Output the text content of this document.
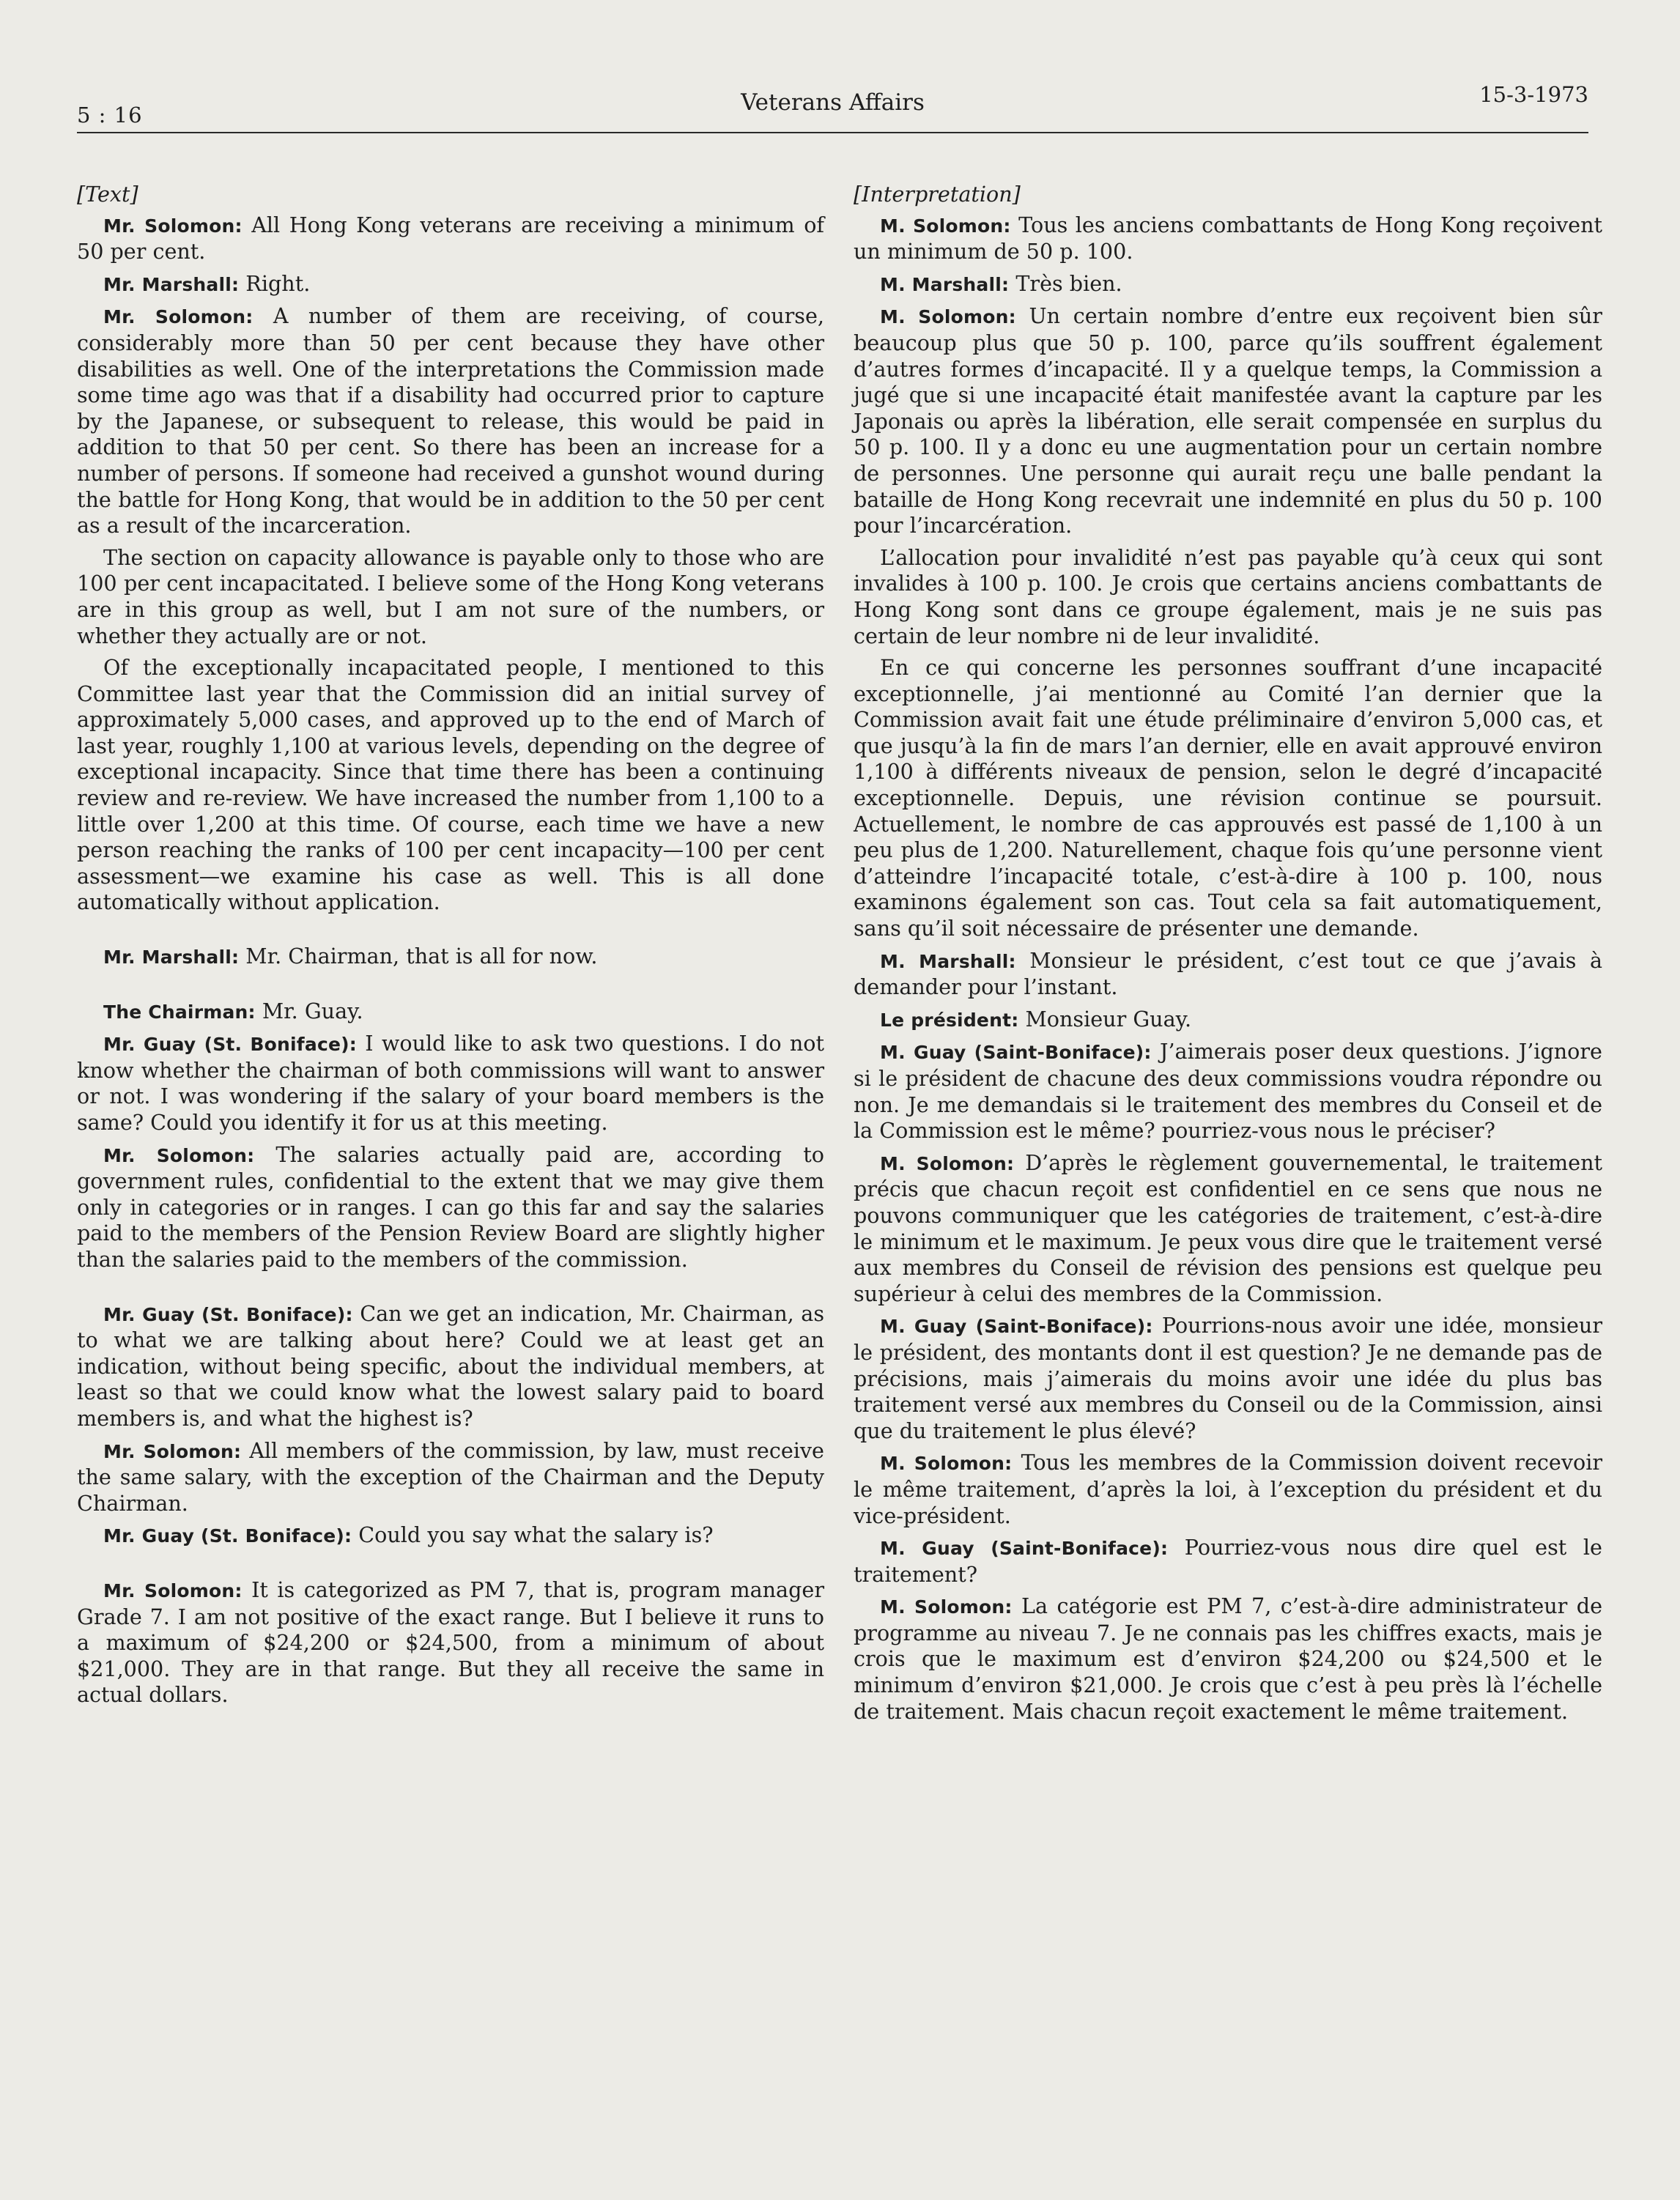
5 : 16	Veterans Affairs	15-3-1973

[Text]

Mr. Solomon: All Hong Kong veterans are receiving a minimum of 50 per cent.

Mr. Marshall: Right.

Mr. Solomon: A number of them are receiving, of course, considerably more than 50 per cent because they have other disabilities as well. One of the interpretations the Commission made some time ago was that if a disability had occurred prior to capture by the Japanese, or subsequent to release, this would be paid in addition to that 50 per cent. So there has been an increase for a number of persons. If someone had received a gunshot wound during the battle for Hong Kong, that would be in addition to the 50 per cent as a result of the incarceration.

The section on capacity allowance is payable only to those who are 100 per cent incapacitated. I believe some of the Hong Kong veterans are in this group as well, but I am not sure of the numbers, or whether they actually are or not.

Of the exceptionally incapacitated people, I mentioned to this Committee last year that the Commission did an initial survey of approximately 5,000 cases, and approved up to the end of March of last year, roughly 1,100 at various levels, depending on the degree of exceptional incapacity. Since that time there has been a continuing review and re-review. We have increased the number from 1,100 to a little over 1,200 at this time. Of course, each time we have a new person reaching the ranks of 100 per cent incapacity—100 per cent assessment—we examine his case as well. This is all done automatically without application.

Mr. Marshall: Mr. Chairman, that is all for now.

The Chairman: Mr. Guay.

Mr. Guay (St. Boniface): I would like to ask two questions. I do not know whether the chairman of both commissions will want to answer or not. I was wondering if the salary of your board members is the same? Could you identify it for us at this meeting.

Mr. Solomon: The salaries actually paid are, according to government rules, confidential to the extent that we may give them only in categories or in ranges. I can go this far and say the salaries paid to the members of the Pension Review Board are slightly higher than the salaries paid to the members of the commission.

Mr. Guay (St. Boniface): Can we get an indication, Mr. Chairman, as to what we are talking about here? Could we at least get an indication, without being specific, about the individual members, at least so that we could know what the lowest salary paid to board members is, and what the highest is?

Mr. Solomon: All members of the commission, by law, must receive the same salary, with the exception of the Chairman and the Deputy Chairman.

Mr. Guay (St. Boniface): Could you say what the salary is?

Mr. Solomon: It is categorized as PM 7, that is, program manager Grade 7. I am not positive of the exact range. But I believe it runs to a maximum of $24,200 or $24,500, from a minimum of about $21,000. They are in that range. But they all receive the same in actual dollars.

[Interpretation]

M. Solomon: Tous les anciens combattants de Hong Kong reçoivent un minimum de 50 p. 100.

M. Marshall: Très bien.

M. Solomon: Un certain nombre d’entre eux reçoivent bien sûr beaucoup plus que 50 p. 100, parce qu’ils souffrent également d’autres formes d’incapacité. Il y a quelque temps, la Commission a jugé que si une incapacité était manifestée avant la capture par les Japonais ou après la libération, elle serait compensée en surplus du 50 p. 100. Il y a donc eu une augmentation pour un certain nombre de personnes. Une personne qui aurait reçu une balle pendant la bataille de Hong Kong recevrait une indemnité en plus du 50 p. 100 pour l’incarcération.

L’allocation pour invalidité n’est pas payable qu’à ceux qui sont invalides à 100 p. 100. Je crois que certains anciens combattants de Hong Kong sont dans ce groupe également, mais je ne suis pas certain de leur nombre ni de leur invalidité.

En ce qui concerne les personnes souffrant d’une incapacité exceptionnelle, j’ai mentionné au Comité l’an dernier que la Commission avait fait une étude préliminaire d’environ 5,000 cas, et que jusqu’à la fin de mars l’an dernier, elle en avait approuvé environ 1,100 à différents niveaux de pension, selon le degré d’incapacité exceptionnelle. Depuis, une révision continue se poursuit. Actuellement, le nombre de cas approuvés est passé de 1,100 à un peu plus de 1,200. Naturellement, chaque fois qu’une personne vient d’atteindre l’incapacité totale, c’est-à-dire à 100 p. 100, nous examinons également son cas. Tout cela sa fait automatiquement, sans qu’il soit nécessaire de présenter une demande.

M. Marshall: Monsieur le président, c’est tout ce que j’avais à demander pour l’instant.

Le président: Monsieur Guay.

M. Guay (Saint-Boniface): J’aimerais poser deux questions. J’ignore si le président de chacune des deux commissions voudra répondre ou non. Je me demandais si le traitement des membres du Conseil et de la Commission est le même? pourriez-vous nous le préciser?

M. Solomon: D’après le règlement gouvernemental, le traitement précis que chacun reçoit est confidentiel en ce sens que nous ne pouvons communiquer que les catégories de traitement, c’est-à-dire le minimum et le maximum. Je peux vous dire que le traitement versé aux membres du Conseil de révision des pensions est quelque peu supérieur à celui des membres de la Commission.

M. Guay (Saint-Boniface): Pourrions-nous avoir une idée, monsieur le président, des montants dont il est question? Je ne demande pas de précisions, mais j’aimerais du moins avoir une idée du plus bas traitement versé aux membres du Conseil ou de la Commission, ainsi que du traitement le plus élevé?

M. Solomon: Tous les membres de la Commission doivent recevoir le même traitement, d’après la loi, à l’exception du président et du vice-président.

M. Guay (Saint-Boniface): Pourriez-vous nous dire quel est le traitement?

M. Solomon: La catégorie est PM 7, c’est-à-dire administrateur de programme au niveau 7. Je ne connais pas les chiffres exacts, mais je crois que le maximum est d’environ $24,200 ou $24,500 et le minimum d’environ $21,000. Je crois que c’est à peu près là l’échelle de traitement. Mais chacun reçoit exactement le même traitement.
